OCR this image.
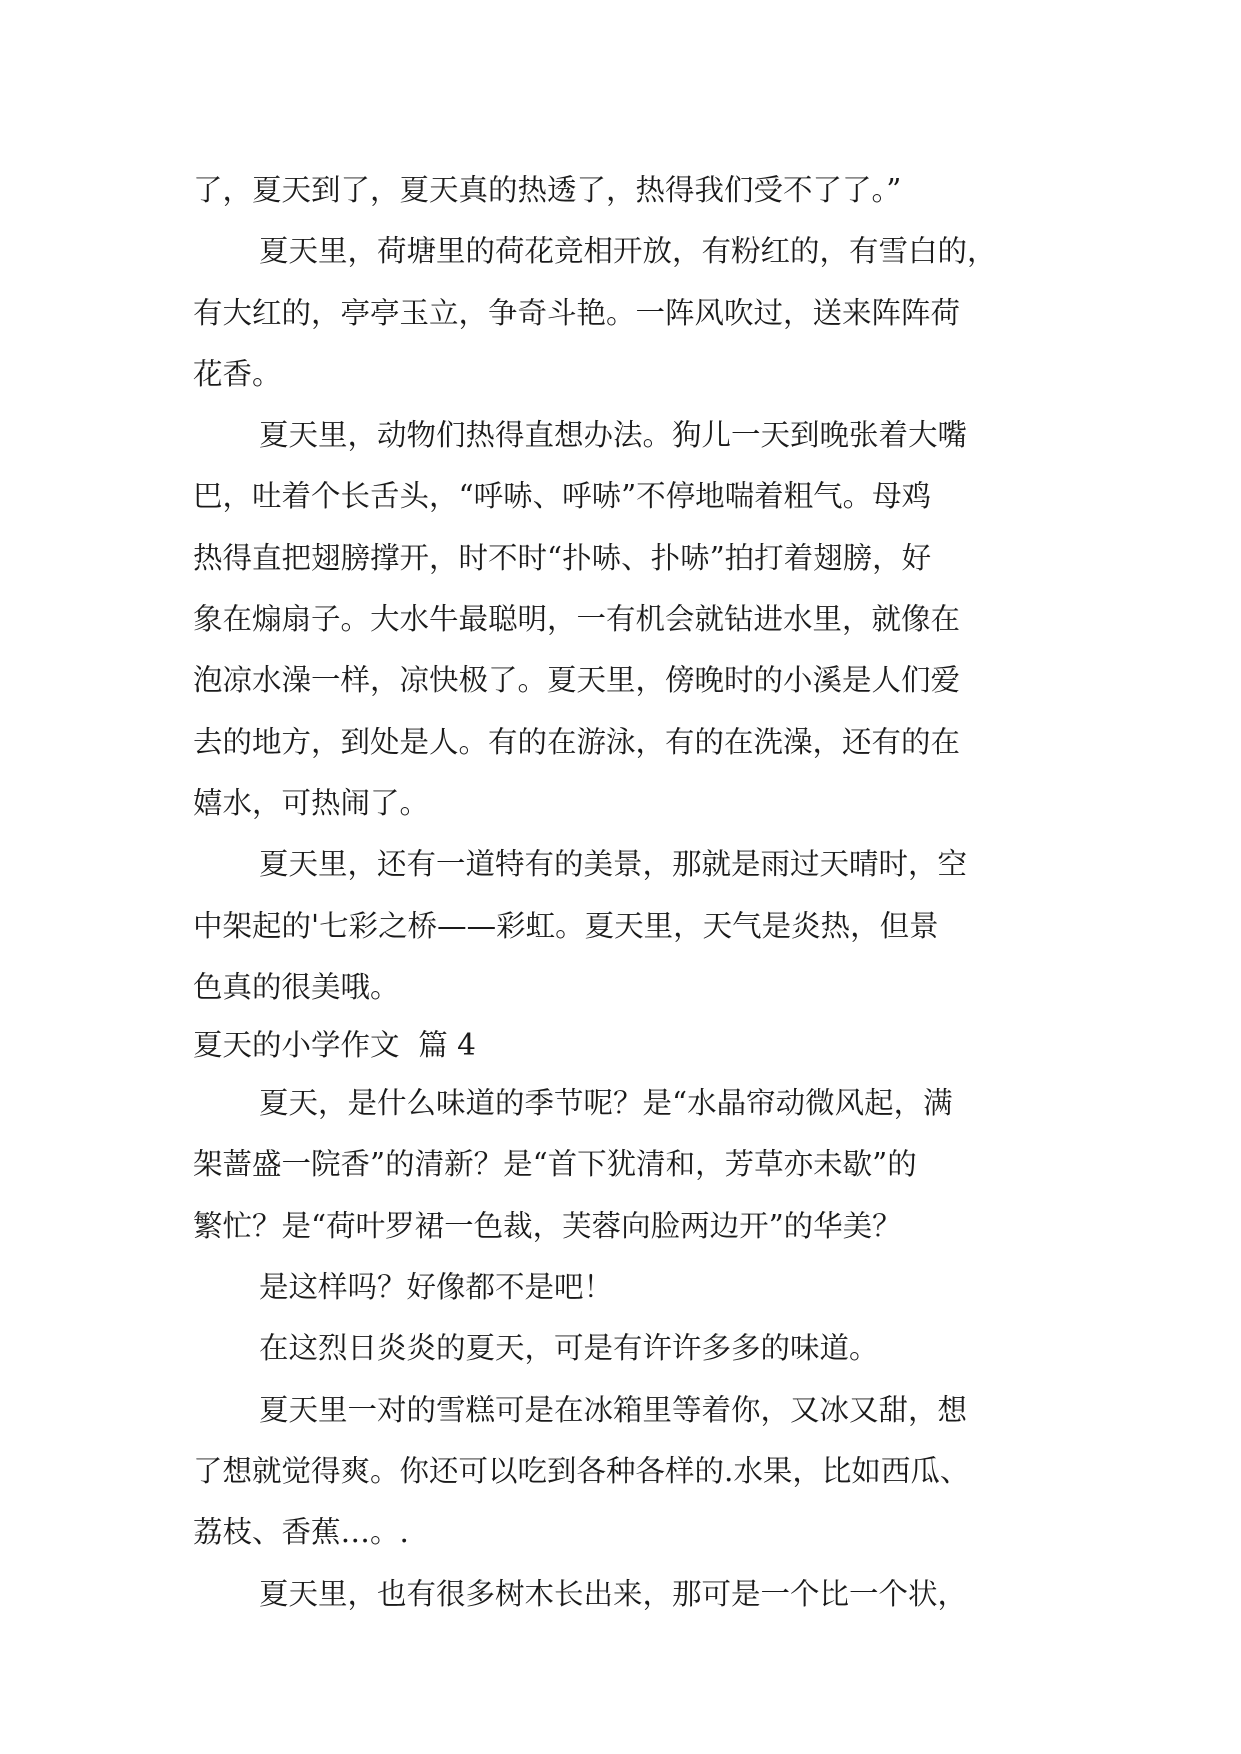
了，夏天到了，夏天真的热透了，热得我们受不了了。”
夏天里，荷塘里的荷花竞相开放，有粉红的，有雪白的，
有大红的，亭亭玉立，争奇斗艳。一阵风吹过，送来阵阵荷
花香。
夏天里，动物们热得直想办法。狗儿一天到晚张着大嘴
巴，吐着个长舌头，“呼哧、呼哧”不停地喘着粗气。母鸡
热得直把翅膀撑开，时不时“扑哧、扑哧”拍打着翅膀，好
象在煽扇子。大水牛最聪明，一有机会就钻进水里，就像在
泡凉水澡一样，凉快极了。夏天里，傍晚时的小溪是人们爱
去的地方，到处是人。有的在游泳，有的在洗澡，还有的在
嬉水，可热闹了。
夏天里，还有一道特有的美景，那就是雨过天晴时，空
中架起的'七彩之桥——彩虹。夏天里，天气是炎热，但景
色真的很美哦。
夏天的小学作文  篇 4
夏天，是什么味道的季节呢？是“水晶帘动微风起，满
架蔷盛一院香”的清新？是“首下犹清和，芳草亦未歇”的
繁忙？是“荷叶罗裙一色裁，芙蓉向脸两边开”的华美？
是这样吗？好像都不是吧！
在这烈日炎炎的夏天，可是有许许多多的味道。
夏天里一对的雪糕可是在冰箱里等着你，又冰又甜，想
了想就觉得爽。你还可以吃到各种各样的.水果，比如西瓜、
荔枝、香蕉…。.
夏天里，也有很多树木长出来，那可是一个比一个状，
